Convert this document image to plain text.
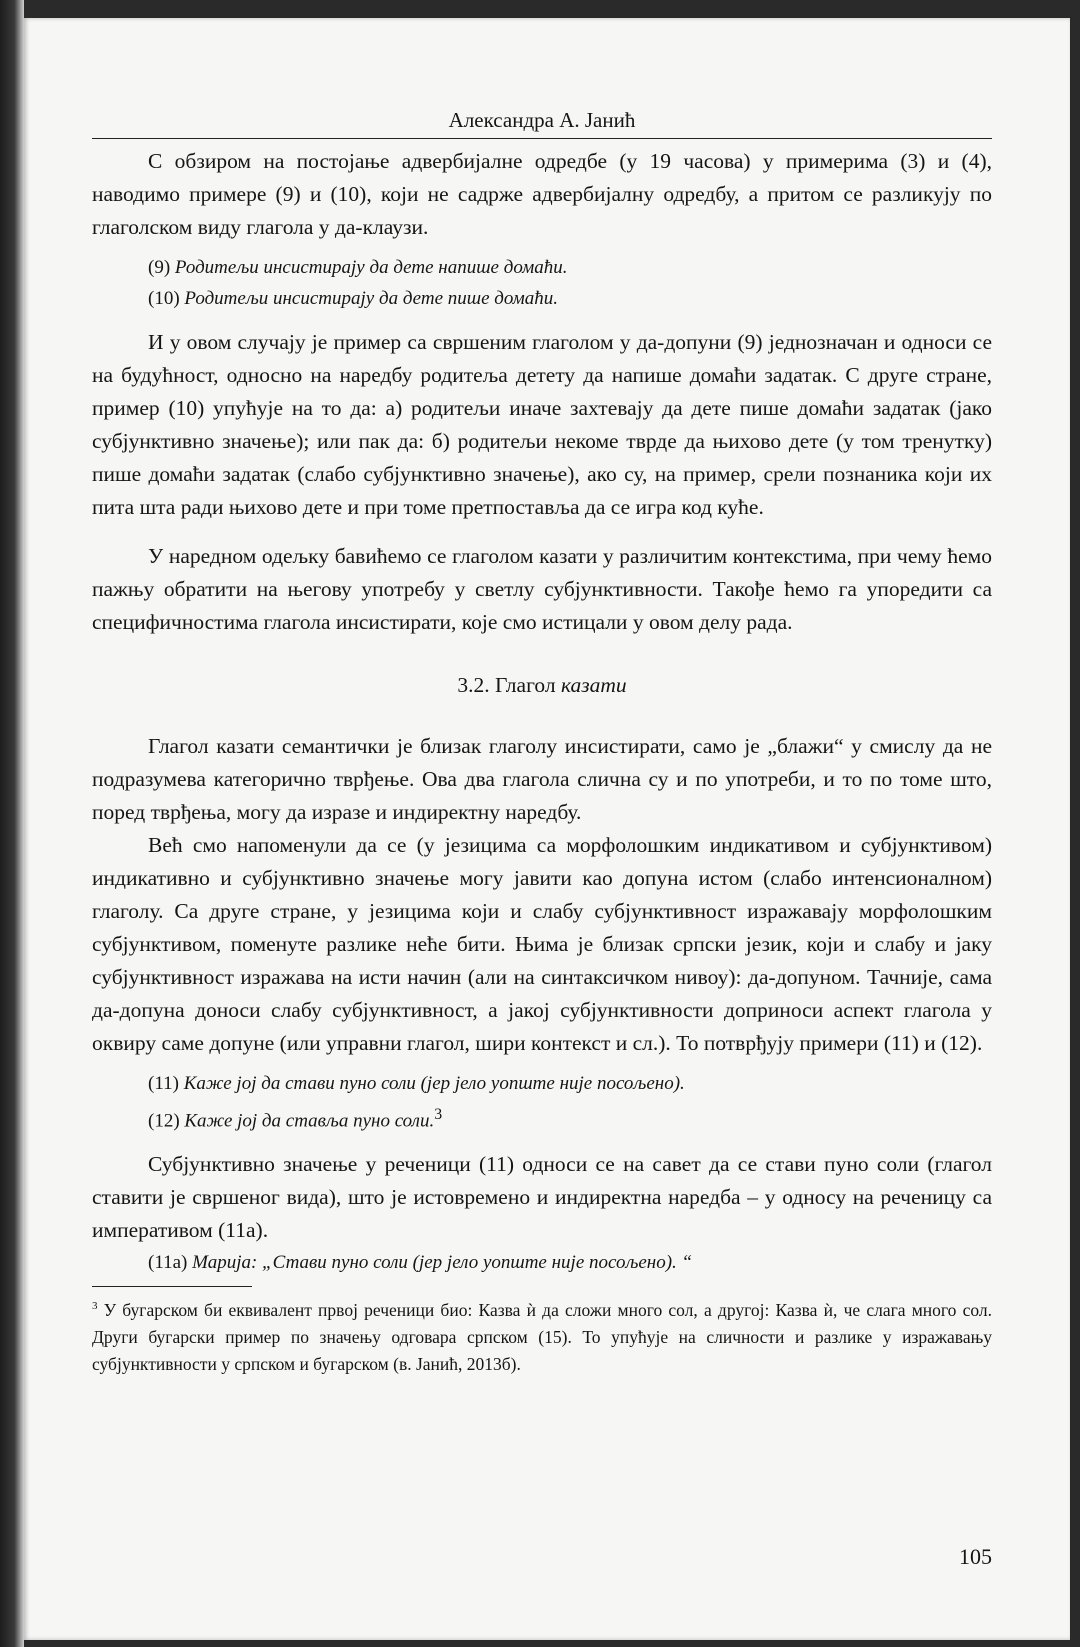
Александра А. Јанић

С обзиром на постојање адвербијалне одредбе (у 19 часова) у примерима (3) и (4), наводимо примере (9) и (10), који не садрже адвербијалну одредбу, а притом се разликују по глаголском виду глагола у да-клаузи.

(9) Родитељи инсистирају да дете напише домаћи.

(10) Родитељи инсистирају да дете пише домаћи.

И у овом случају је пример са свршеним глаголом у да-допуни (9) једнозначан и односи се на будућност, односно на наредбу родитеља детету да напише домаћи задатак. С друге стране, пример (10) упућује на то да: а) родитељи иначе захтевају да дете пише домаћи задатак (јако субјунктивно значење); или пак да: б) родитељи некоме тврде да њихово дете (у том тренутку) пише домаћи задатак (слабо субјунктивно значење), ако су, на пример, срели познаника који их пита шта ради њихово дете и при томе претпостављa да се игра код куће.

У наредном одељку бавићемо се глаголом казати у различитим контекстима, при чему ћемо пажњу обратити на његову употребу у светлу субјунктивности. Такође ћемо га упоредити са специфичностима глагола инсистирати, које смо истицали у овом делу рада.

3.2. Глагол казати

Глагол казати семантички је близак глаголу инсистирати, само је „блажи“ у смислу да не подразумева категорично тврђење. Ова два глагола слична су и по употреби, и то по томе што, поред тврђења, могу да изразе и индиректну наредбу.

Већ смо напоменули да се (у језицима са морфолошким индикативом и субјунктивом) индикативно и субјунктивно значење могу јавити као допуна истом (слабо интенсионалном) глаголу. Са друге стране, у језицима који и слабу субјунктивност изражавају морфолошким субјунктивом, поменуте разлике неће бити. Њима је близак српски језик, који и слабу и јаку субјунктивност изражава на исти начин (али на синтаксичком нивоу): да-допуном. Тачније, сама да-допуна доноси слабу субјунктивност, а јакој субјунктивности доприноси аспект глагола у оквиру саме допуне (или управни глагол, шири контекст и сл.). То потврђују примери (11) и (12).

(11) Каже јој да стави пуно соли (јер јело уопште није посољено).

(12) Каже јој да ставља пуно соли.$^3$

Субјунктивно значење у реченици (11) односи се на савет да се стави пуно соли (глагол ставити је свршеног вида), што је истовремено и индиректна наредба – у односу на реченицу са императивом (11а).

(11а) Марија: „Стави пуно соли (јер јело уопште није посољено). “

$^3$ У бугарском би еквивалент првој реченици био: Казва ѝ да сложи много сол, а другој: Казва ѝ, че слага много сол. Други бугарски пример по значењу одговара српском (15). То упућује на сличности и разлике у изражавању субјунктивности у српском и бугарском (в. Јанић, 2013б).

105
